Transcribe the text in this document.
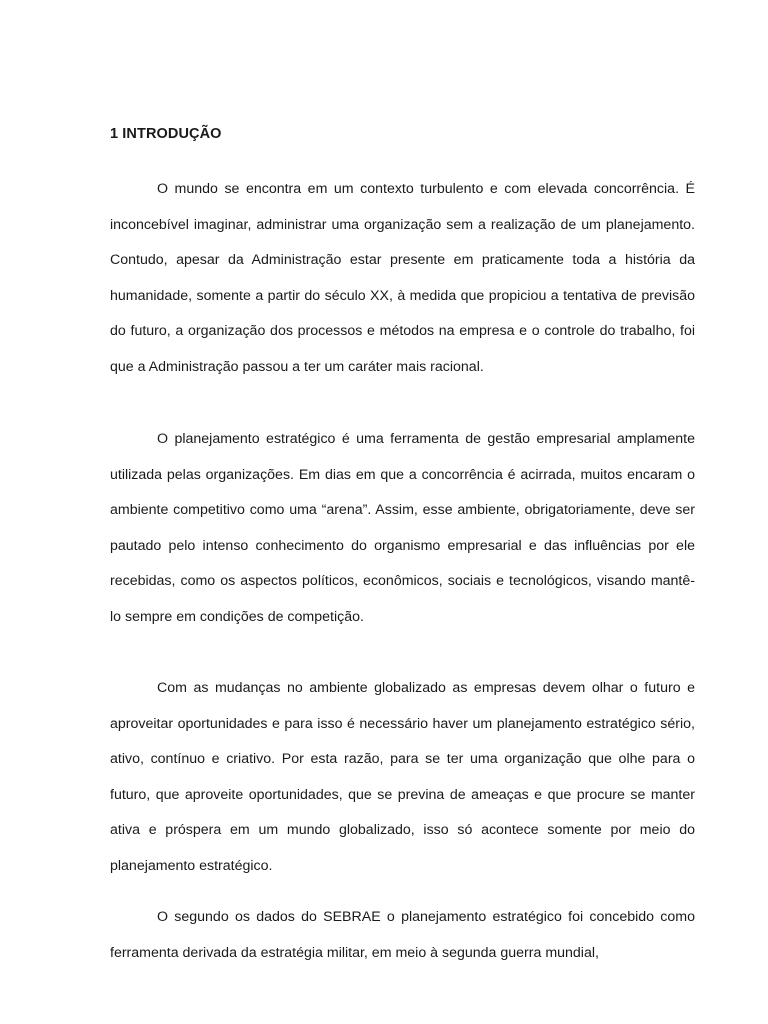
1 INTRODUÇÃO

O mundo se encontra em um contexto turbulento e com elevada concorrência. É inconcebível imaginar, administrar uma organização sem a realização de um planejamento. Contudo, apesar da Administração estar presente em praticamente toda a história da humanidade, somente a partir do século XX, à medida que propiciou a tentativa de previsão do futuro, a organização dos processos e métodos na empresa e o controle do trabalho, foi que a Administração passou a ter um caráter mais racional.

O planejamento estratégico é uma ferramenta de gestão empresarial amplamente utilizada pelas organizações. Em dias em que a concorrência é acirrada, muitos encaram o ambiente competitivo como uma “arena”. Assim, esse ambiente, obrigatoriamente, deve ser pautado pelo intenso conhecimento do organismo empresarial e das influências por ele recebidas, como os aspectos políticos, econômicos, sociais e tecnológicos, visando mantê-lo sempre em condições de competição.

Com as mudanças no ambiente globalizado as empresas devem olhar o futuro e aproveitar oportunidades e para isso é necessário haver um planejamento estratégico sério, ativo, contínuo e criativo. Por esta razão, para se ter uma organização que olhe para o futuro, que aproveite oportunidades, que se previna de ameaças e que procure se manter ativa e próspera em um mundo globalizado, isso só acontece somente por meio do planejamento estratégico.

O segundo os dados do SEBRAE o planejamento estratégico foi concebido como ferramenta derivada da estratégia militar, em meio à segunda guerra mundial,
